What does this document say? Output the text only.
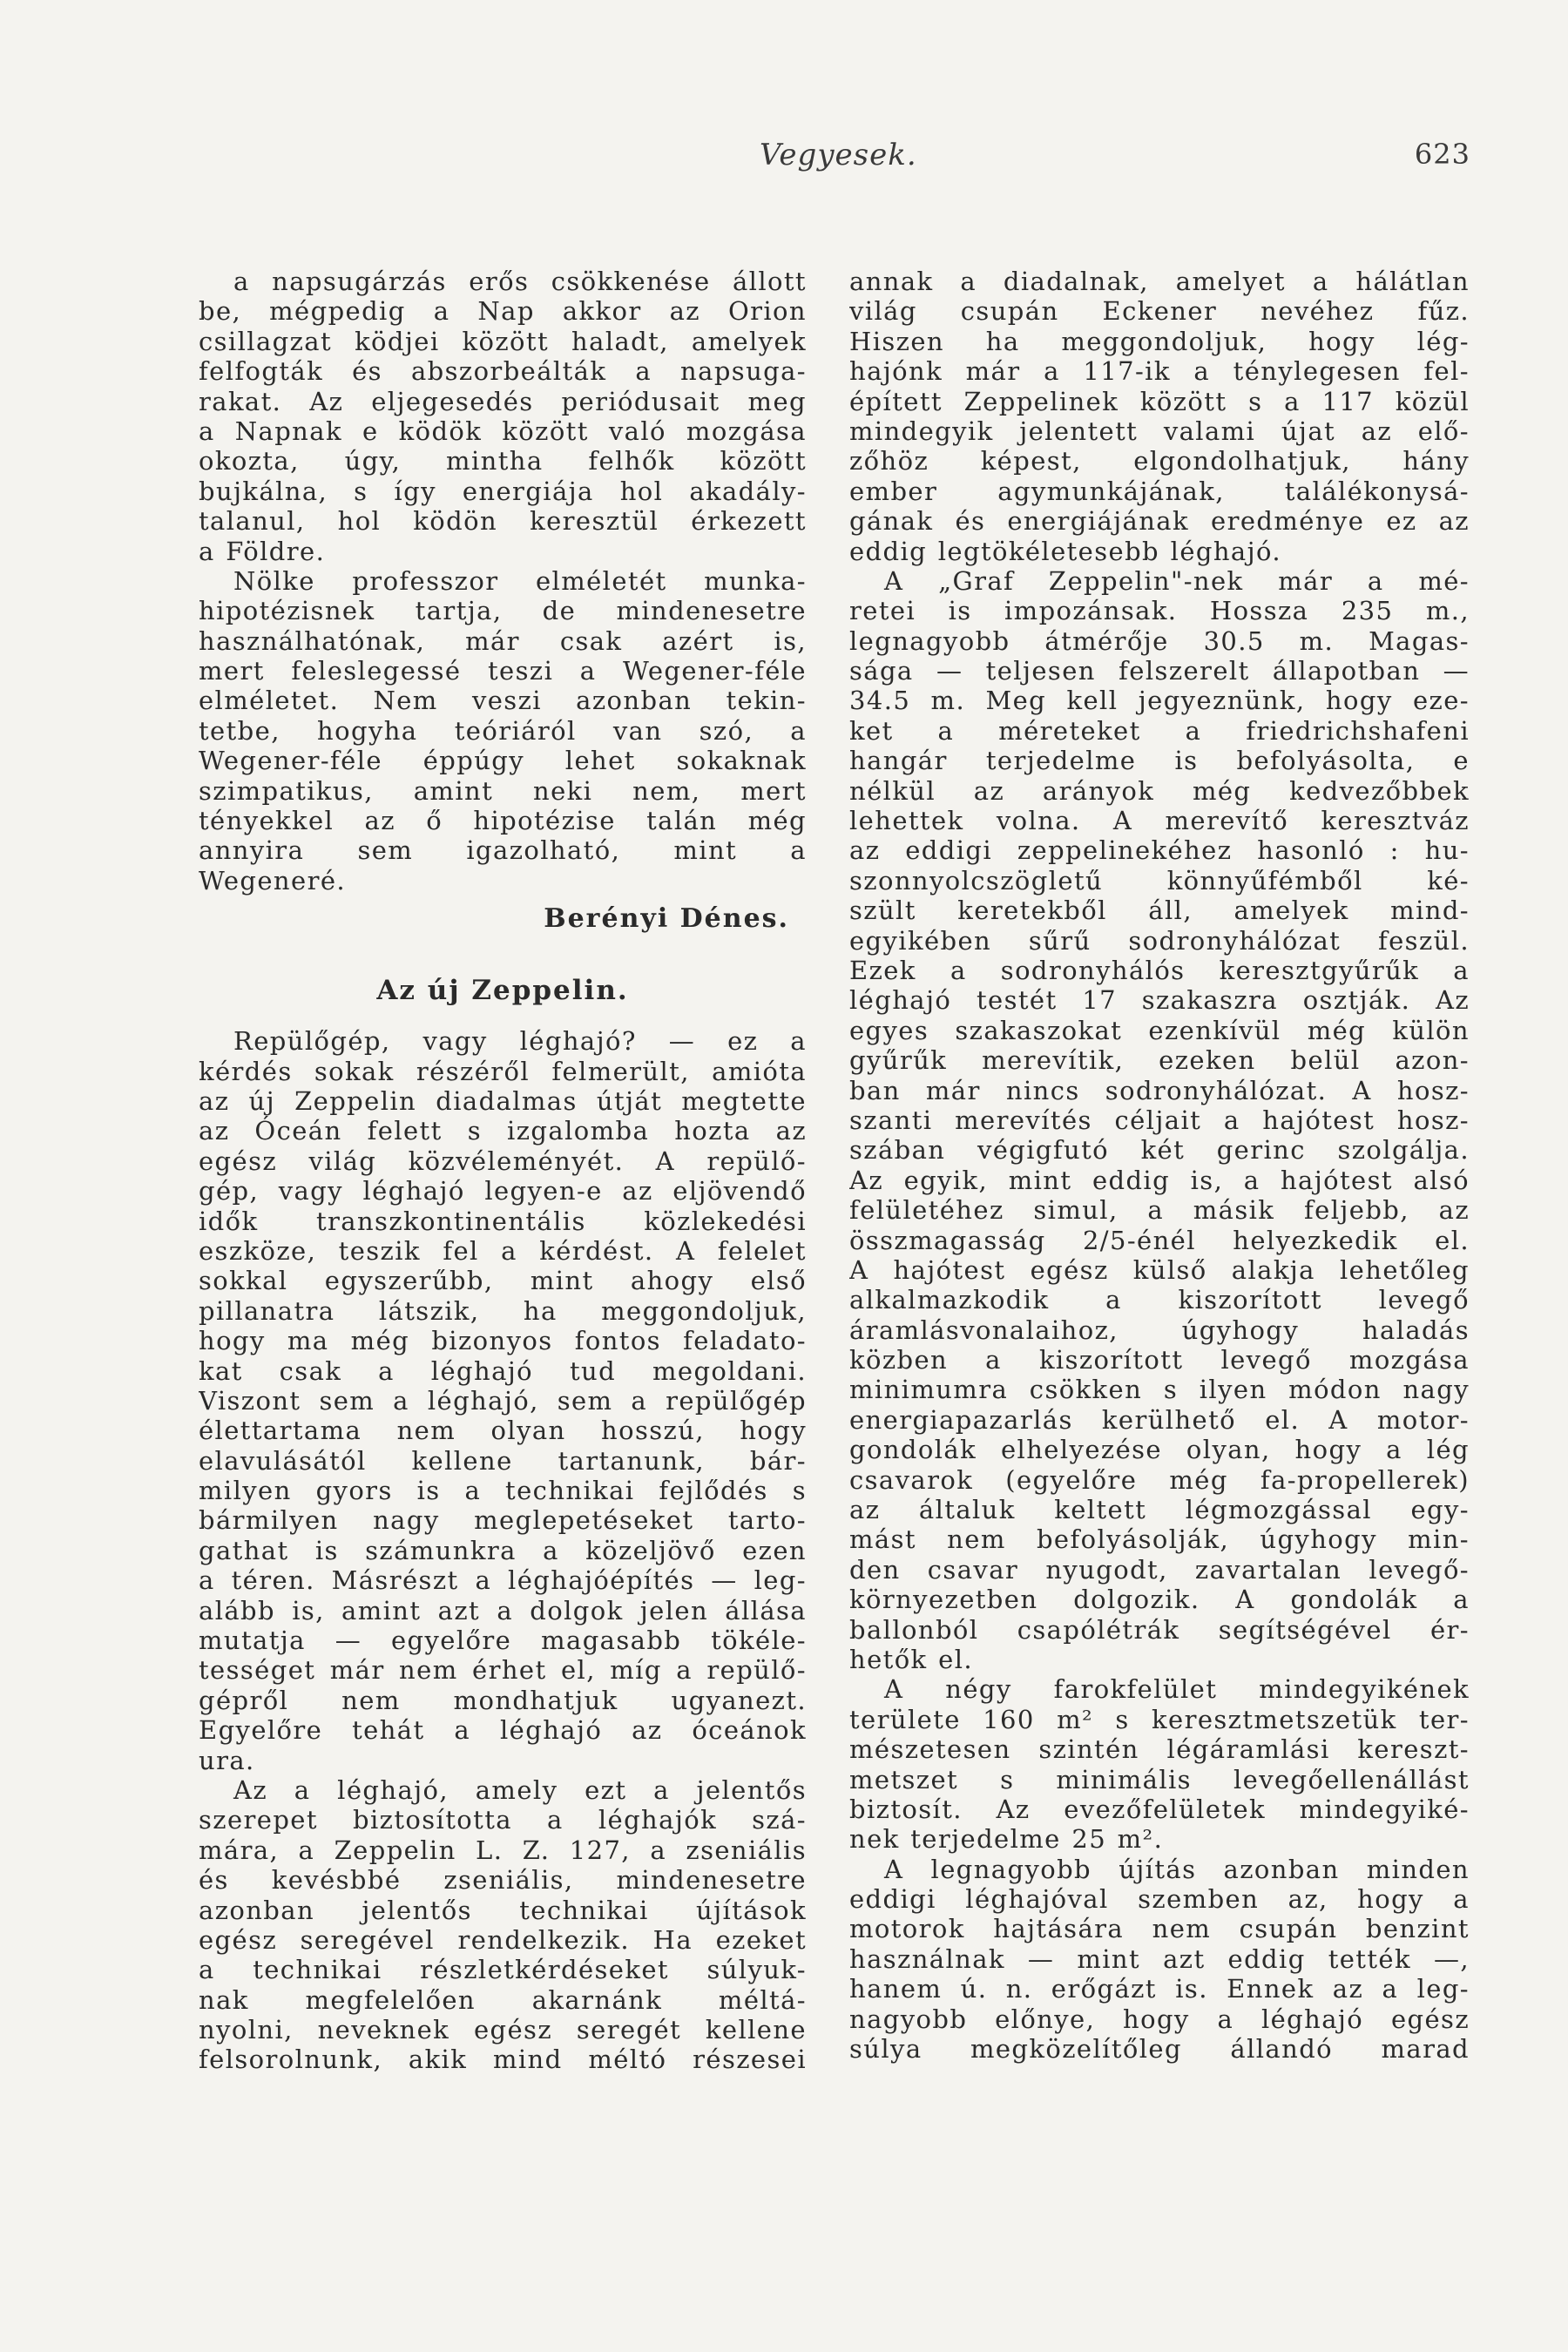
Vegyesek.	623
a napsugárzás erős csökkenése állott
be, mégpedig a Nap akkor az Orion
csillagzat ködjei között haladt, amelyek
felfogták és abszorbeálták a napsuga-
rakat. Az eljegesedés periódusait meg
a Napnak e ködök között való mozgása
okozta, úgy, mintha felhők között
bujkálna, s így energiája hol akadály-
talanul, hol ködön keresztül érkezett
a Földre.
Nölke professzor elméletét munka-
hipotézisnek tartja, de mindenesetre
használhatónak, már csak azért is,
mert feleslegessé teszi a Wegener-féle
elméletet. Nem veszi azonban tekin-
tetbe, hogyha teóriáról van szó, a
Wegener-féle éppúgy lehet sokaknak
szimpatikus, amint neki nem, mert
tényekkel az ő hipotézise talán még
annyira sem igazolható, mint a
Wegeneré.
Berényi Dénes.
Az új Zeppelin.
Repülőgép, vagy léghajó? — ez a
kérdés sokak részéről felmerült, amióta
az új Zeppelin diadalmas útját megtette
az Óceán felett s izgalomba hozta az
egész világ közvéleményét. A repülő-
gép, vagy léghajó legyen-e az eljövendő
idők transzkontinentális közlekedési
eszköze, teszik fel a kérdést. A felelet
sokkal egyszerűbb, mint ahogy első
pillanatra látszik, ha meggondoljuk,
hogy ma még bizonyos fontos feladato-
kat csak a léghajó tud megoldani.
Viszont sem a léghajó, sem a repülőgép
élettartama nem olyan hosszú, hogy
elavulásától kellene tartanunk, bár-
milyen gyors is a technikai fejlődés s
bármilyen nagy meglepetéseket tarto-
gathat is számunkra a közeljövő ezen
a téren. Másrészt a léghajóépítés — leg-
alább is, amint azt a dolgok jelen állása
mutatja — egyelőre magasabb tökéle-
tességet már nem érhet el, míg a repülő-
gépről nem mondhatjuk ugyanezt.
Egyelőre tehát a léghajó az óceánok
ura.
Az a léghajó, amely ezt a jelentős
szerepet biztosította a léghajók szá-
mára, a Zeppelin L. Z. 127, a zseniális
és kevésbbé zseniális, mindenesetre
azonban jelentős technikai újítások
egész seregével rendelkezik. Ha ezeket
a technikai részletkérdéseket súlyuk-
nak megfelelően akarnánk méltá-
nyolni, neveknek egész seregét kellene
felsorolnunk, akik mind méltó részesei
annak a diadalnak, amelyet a hálátlan
világ csupán Eckener nevéhez fűz.
Hiszen ha meggondoljuk, hogy lég-
hajónk már a 117-ik a ténylegesen fel-
épített Zeppelinek között s a 117 közül
mindegyik jelentett valami újat az elő-
zőhöz képest, elgondolhatjuk, hány
ember agymunkájának, találékonysá-
gának és energiájának eredménye ez az
eddig legtökéletesebb léghajó.
A „Graf Zeppelin"-nek már a mé-
retei is impozánsak. Hossza 235 m.,
legnagyobb átmérője 30.5 m. Magas-
sága — teljesen felszerelt állapotban —
34.5 m. Meg kell jegyeznünk, hogy eze-
ket a méreteket a friedrichshafeni
hangár terjedelme is befolyásolta, e
nélkül az arányok még kedvezőbbek
lehettek volna. A merevítő keresztváz
az eddigi zeppelinekéhez hasonló : hu-
szonnyolcszögletű könnyűfémből ké-
szült keretekből áll, amelyek mind-
egyikében sűrű sodronyhálózat feszül.
Ezek a sodronyhálós keresztgyűrűk a
léghajó testét 17 szakaszra osztják. Az
egyes szakaszokat ezenkívül még külön
gyűrűk merevítik, ezeken belül azon-
ban már nincs sodronyhálózat. A hosz-
szanti merevítés céljait a hajótest hosz-
szában végigfutó két gerinc szolgálja.
Az egyik, mint eddig is, a hajótest alsó
felületéhez simul, a másik feljebb, az
összmagasság 2/5-énél helyezkedik el.
A hajótest egész külső alakja lehetőleg
alkalmazkodik a kiszorított levegő
áramlásvonalaihoz, úgyhogy haladás
közben a kiszorított levegő mozgása
minimumra csökken s ilyen módon nagy
energiapazarlás kerülhető el. A motor-
gondolák elhelyezése olyan, hogy a lég
csavarok (egyelőre még fa-propellerek)
az általuk keltett légmozgással egy-
mást nem befolyásolják, úgyhogy min-
den csavar nyugodt, zavartalan levegő-
környezetben dolgozik. A gondolák a
ballonból csapólétrák segítségével ér-
hetők el.
A négy farokfelület mindegyikének
területe 160 m² s keresztmetszetük ter-
mészetesen szintén légáramlási kereszt-
metszet s minimális levegőellenállást
biztosít. Az evezőfelületek mindegyiké-
nek terjedelme 25 m².
A legnagyobb újítás azonban minden
eddigi léghajóval szemben az, hogy a
motorok hajtására nem csupán benzint
használnak — mint azt eddig tették —,
hanem ú. n. erőgázt is. Ennek az a leg-
nagyobb előnye, hogy a léghajó egész
súlya megközelítőleg állandó marad
